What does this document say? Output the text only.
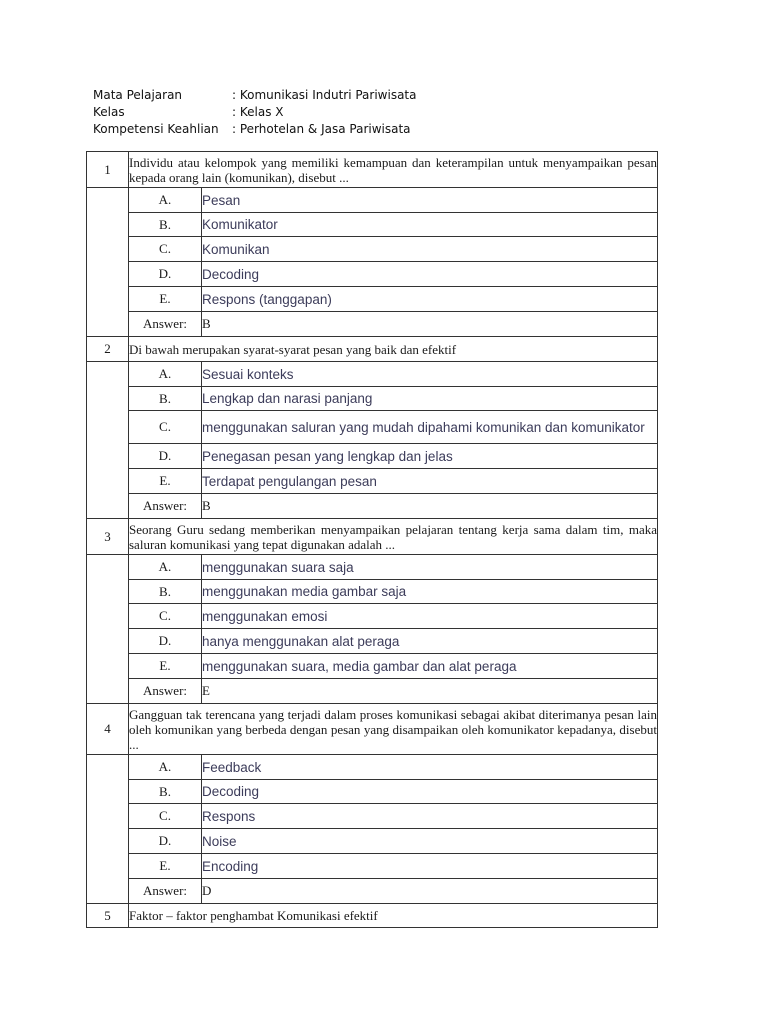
Mata Pelajaran	: Komunikasi Indutri Pariwisata
Kelas	: Kelas X
Kompetensi Keahlian	: Perhotelan & Jasa Pariwisata
1	Individu atau kelompok yang memiliki kemampuan dan keterampilan untuk menyampaikan pesan kepada orang lain (komunikan), disebut ...	
	A.	Pesan
	B.	Komunikator
	C.	Komunikan
	D.	Decoding
	E.	Respons (tanggapan)
	Answer:	B
2	Di bawah merupakan syarat-syarat pesan yang baik dan efektif	
	A.	Sesuai konteks
	B.	Lengkap dan narasi panjang
	C.	menggunakan saluran yang mudah dipahami komunikan dan komunikator
	D.	Penegasan pesan yang lengkap dan jelas
	E.	Terdapat pengulangan pesan
	Answer:	B
3	Seorang Guru sedang memberikan menyampaikan pelajaran tentang kerja sama dalam tim, maka saluran komunikasi yang tepat digunakan adalah ...	
	A.	menggunakan suara saja
	B.	menggunakan media gambar saja
	C.	menggunakan emosi
	D.	hanya menggunakan alat peraga
	E.	menggunakan suara, media gambar dan alat peraga
	Answer:	E
4	Gangguan tak terencana yang terjadi dalam proses komunikasi sebagai akibat diterimanya pesan lain oleh komunikan yang berbeda dengan pesan yang disampaikan oleh komunikator kepadanya, disebut ...	
	A.	Feedback
	B.	Decoding
	C.	Respons
	D.	Noise
	E.	Encoding
	Answer:	D
5	Faktor – faktor penghambat Komunikasi efektif	
